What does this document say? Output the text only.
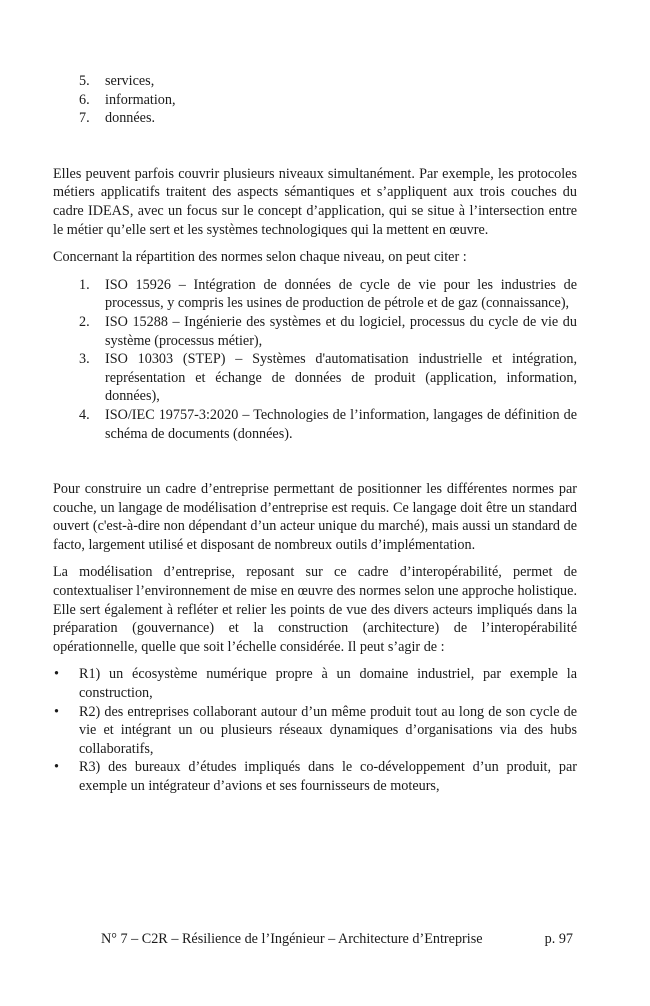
5.	services,
6.	information,
7.	données.

Elles peuvent parfois couvrir plusieurs niveaux simultanément. Par exemple, les protocoles métiers applicatifs traitent des aspects sémantiques et s’appliquent aux trois couches du cadre IDEAS, avec un focus sur le concept d’application, qui se situe à l’intersection entre le métier qu’elle sert et les systèmes technologiques qui la mettent en œuvre.

Concernant la répartition des normes selon chaque niveau, on peut citer :

1.	ISO 15926 – Intégration de données de cycle de vie pour les industries de processus, y compris les usines de production de pétrole et de gaz (connaissance),
2.	ISO 15288 – Ingénierie des systèmes et du logiciel, processus du cycle de vie du système (processus métier),
3.	ISO 10303 (STEP) – Systèmes d'automatisation industrielle et intégration, représentation et échange de données de produit (application, information, données),
4.	ISO/IEC 19757-3:2020 – Technologies de l’information, langages de définition de schéma de documents (données).

Pour construire un cadre d’entreprise permettant de positionner les différentes normes par couche, un langage de modélisation d’entreprise est requis. Ce langage doit être un standard ouvert (c'est-à-dire non dépendant d’un acteur unique du marché), mais aussi un standard de facto, largement utilisé et disposant de nombreux outils d’implémentation.

La modélisation d’entreprise, reposant sur ce cadre d’interopérabilité, permet de contextualiser l’environnement de mise en œuvre des normes selon une approche holistique. Elle sert également à refléter et relier les points de vue des divers acteurs impliqués dans la préparation (gouvernance) et la construction (architecture) de l’interopérabilité opérationnelle, quelle que soit l’échelle considérée. Il peut s’agir de :

• R1) un écosystème numérique propre à un domaine industriel, par exemple la construction,
• R2) des entreprises collaborant autour d’un même produit tout au long de son cycle de vie et intégrant un ou plusieurs réseaux dynamiques d’organisations via des hubs collaboratifs,
• R3) des bureaux d’études impliqués dans le co-développement d’un produit, par exemple un intégrateur d’avions et ses fournisseurs de moteurs,
N° 7 – C2R – Résilience de l’Ingénieur – Architecture d’Entreprise	p. 97
